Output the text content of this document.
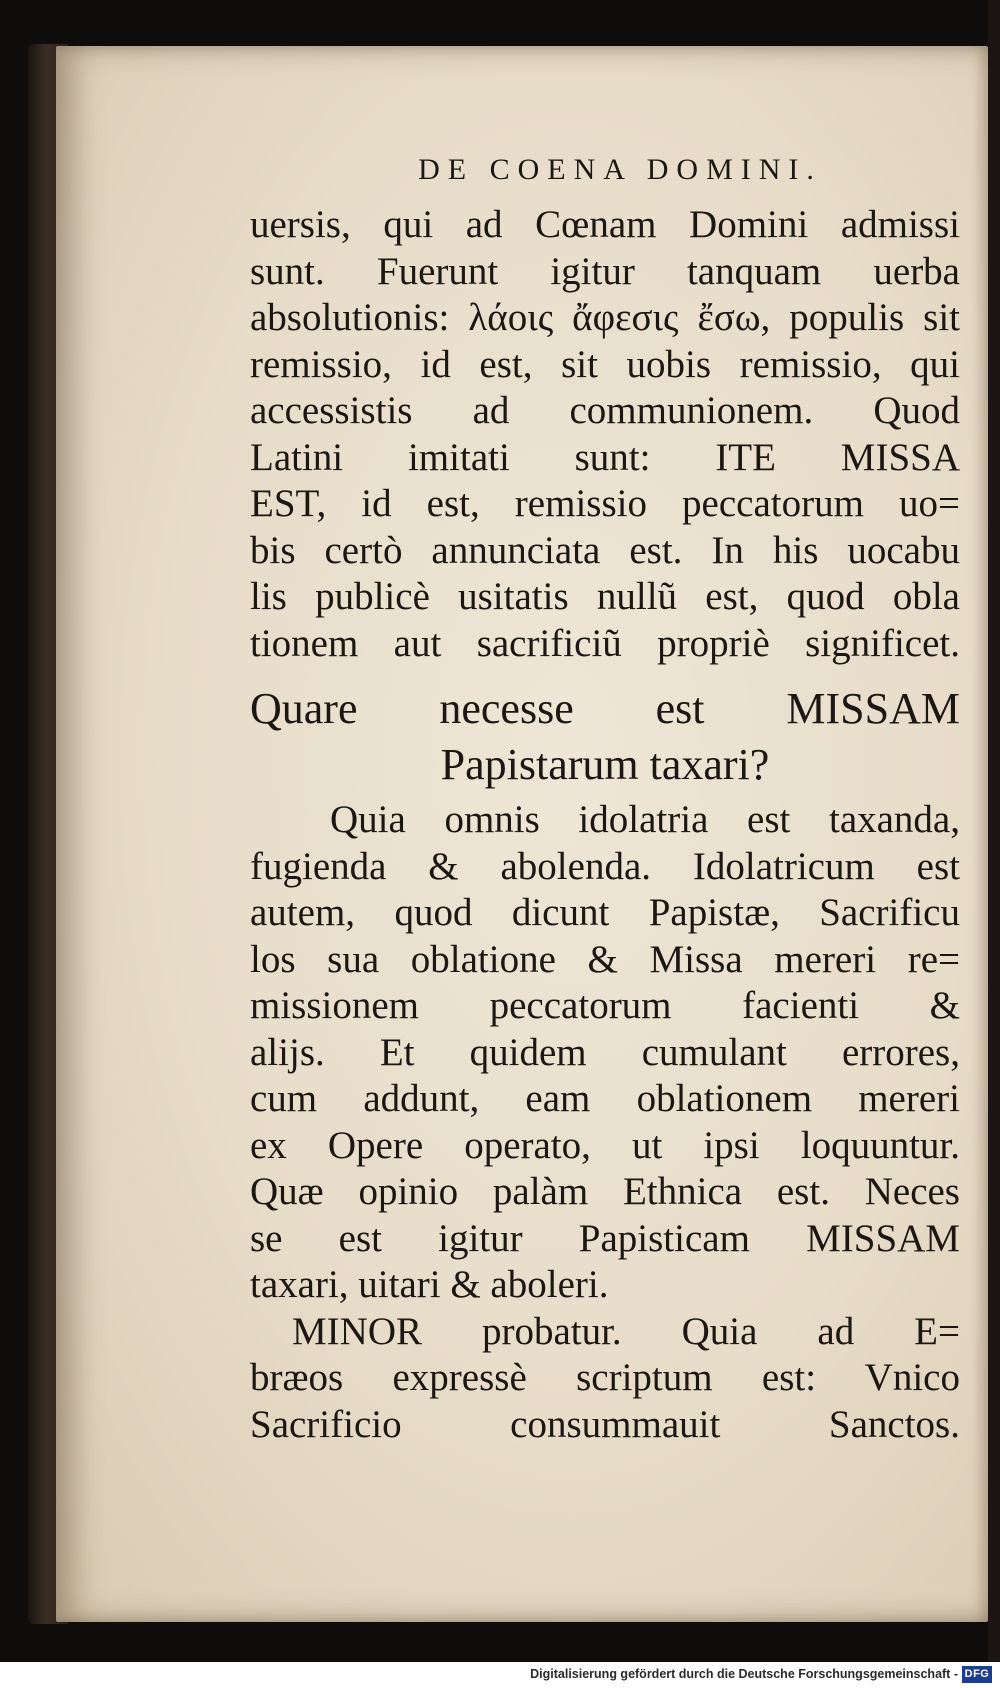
DE COENA DOMINI.
uersis, qui ad Cœnam Domini admissi
sunt. Fuerunt igitur tanquam uerba
absolutionis: λάοις ἄφεσις ἔσω, populis sit
remissio, id est, sit uobis remissio, qui
accessistis ad communionem. Quod
Latini imitati sunt: ITE MISSA
EST, id est, remissio peccatorum uo=
bis certò annunciata est. In his uocabu
lis publicè usitatis nullũ est, quod obla
tionem aut sacrificiũ propriè significet.
Quare necesse est MISSAM
Papistarum taxari?
Quia omnis idolatria est taxanda,
fugienda & abolenda. Idolatricum est
autem, quod dicunt Papistæ, Sacrificu
los sua oblatione & Missa mereri re=
missionem peccatorum facienti &
alijs. Et quidem cumulant errores,
cum addunt, eam oblationem mereri
ex Opere operato, ut ipsi loquuntur.
Quæ opinio palàm Ethnica est. Neces
se est igitur Papisticam MISSAM
taxari, uitari & aboleri.
MINOR probatur. Quia ad E=
bræos expressè scriptum est: Vnico
Sacrificio consummauit Sanctos.
Digitalisierung gefördert durch die Deutsche Forschungsgemeinschaft - DFG
